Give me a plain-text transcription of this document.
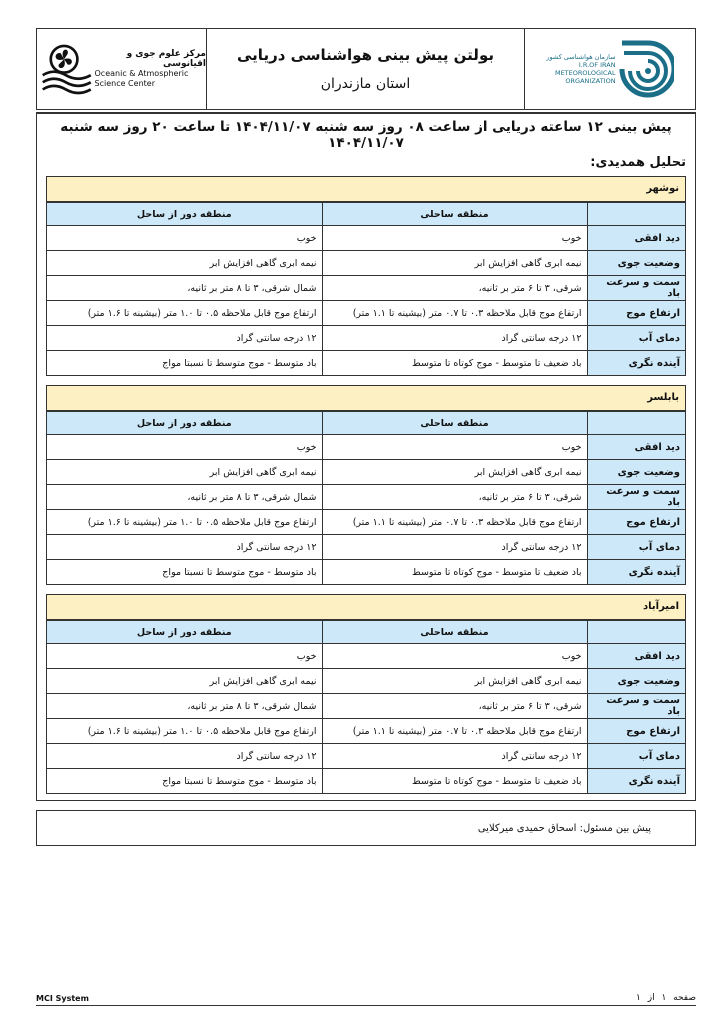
مرکز علوم جوی و اقیانوسی
Oceanic & Atmospheric
Science Center
بولتن پیش بینی هواشناسی دریایی
استان مازندران
سازمان هواشناسی کشور
I.R.OF IRAN
METEOROLOGICAL
ORGANIZATION
پیش بینی ۱۲ ساعته دریایی از ساعت ۰۸ روز سه شنبه ۱۴۰۴/۱۱/۰۷ تا ساعت ۲۰ روز سه شنبه ۱۴۰۴/۱۱/۰۷
تحلیل همدیدی:
نوشهر
	منطقه ساحلی	منطقه دور از ساحل
دید افقی	خوب	خوب
وضعیت جوی	نیمه ابری گاهی افزایش ابر	نیمه ابری گاهی افزایش ابر
سمت و سرعت باد	شرقی، ۳ تا ۶ متر بر ثانیه،	شمال شرقی، ۳ تا ۸ متر بر ثانیه،
ارتفاع موج	ارتفاع موج قابل ملاحظه ۰.۳ تا ۰.۷ متر (بیشینه تا ۱.۱ متر)	ارتفاع موج قابل ملاحظه ۰.۵ تا ۱.۰ متر (بیشینه تا ۱.۶ متر)
دمای آب	۱۲ درجه سانتی گراد	۱۲ درجه سانتی گراد
آینده نگری	باد ضعیف تا متوسط - موج کوتاه تا متوسط	باد متوسط - موج متوسط تا نسبتا مواج
بابلسر
	منطقه ساحلی	منطقه دور از ساحل
دید افقی	خوب	خوب
وضعیت جوی	نیمه ابری گاهی افزایش ابر	نیمه ابری گاهی افزایش ابر
سمت و سرعت باد	شرقی، ۳ تا ۶ متر بر ثانیه،	شمال شرقی، ۳ تا ۸ متر بر ثانیه،
ارتفاع موج	ارتفاع موج قابل ملاحظه ۰.۳ تا ۰.۷ متر (بیشینه تا ۱.۱ متر)	ارتفاع موج قابل ملاحظه ۰.۵ تا ۱.۰ متر (بیشینه تا ۱.۶ متر)
دمای آب	۱۲ درجه سانتی گراد	۱۲ درجه سانتی گراد
آینده نگری	باد ضعیف تا متوسط - موج کوتاه تا متوسط	باد متوسط - موج متوسط تا نسبتا مواج
امیرآباد
	منطقه ساحلی	منطقه دور از ساحل
دید افقی	خوب	خوب
وضعیت جوی	نیمه ابری گاهی افزایش ابر	نیمه ابری گاهی افزایش ابر
سمت و سرعت باد	شرقی، ۳ تا ۶ متر بر ثانیه،	شمال شرقی، ۳ تا ۸ متر بر ثانیه،
ارتفاع موج	ارتفاع موج قابل ملاحظه ۰.۳ تا ۰.۷ متر (بیشینه تا ۱.۱ متر)	ارتفاع موج قابل ملاحظه ۰.۵ تا ۱.۰ متر (بیشینه تا ۱.۶ متر)
دمای آب	۱۲ درجه سانتی گراد	۱۲ درجه سانتی گراد
آینده نگری	باد ضعیف تا متوسط - موج کوتاه تا متوسط	باد متوسط - موج متوسط تا نسبتا مواج
پیش بین مسئول: اسحاق حمیدی میرکلایی
MCI System	صفحه ۱ از ۱
